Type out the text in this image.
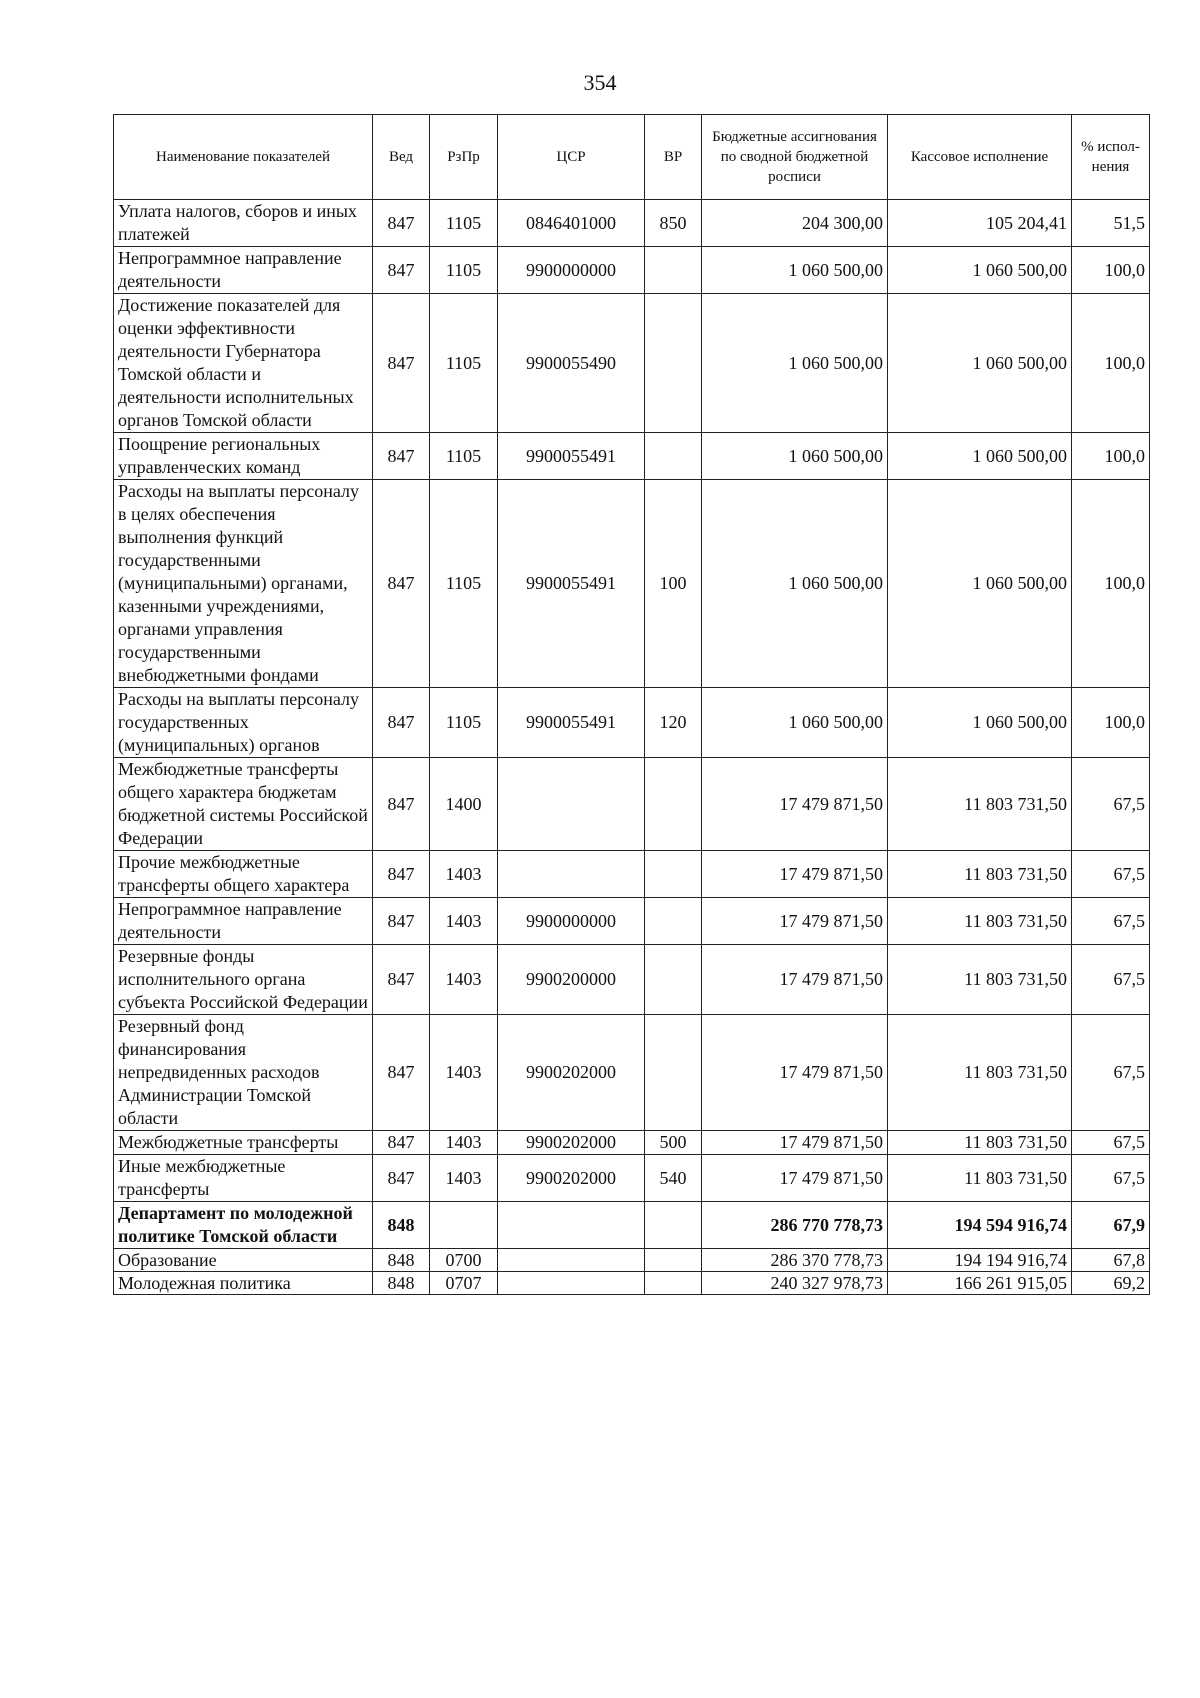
354
Наименование показателей	Вед	РзПр	ЦСР	ВР	Бюджетные ассигнования по сводной бюджетной росписи	Кассовое исполнение	% испол-нения
Уплата налогов, сборов и иных платежей	847	1105	0846401000	850	204 300,00	105 204,41	51,5
Непрограммное направление деятельности	847	1105	9900000000		1 060 500,00	1 060 500,00	100,0
Достижение показателей для оценки эффективности деятельности Губернатора Томской области и деятельности исполнительных органов Томской области	847	1105	9900055490		1 060 500,00	1 060 500,00	100,0
Поощрение региональных управленческих команд	847	1105	9900055491		1 060 500,00	1 060 500,00	100,0
Расходы на выплаты персоналу в целях обеспечения выполнения функций государственными (муниципальными) органами, казенными учреждениями, органами управления государственными внебюджетными фондами	847	1105	9900055491	100	1 060 500,00	1 060 500,00	100,0
Расходы на выплаты персоналу государственных (муниципальных) органов	847	1105	9900055491	120	1 060 500,00	1 060 500,00	100,0
Межбюджетные трансферты общего характера бюджетам бюджетной системы Российской Федерации	847	1400			17 479 871,50	11 803 731,50	67,5
Прочие межбюджетные трансферты общего характера	847	1403			17 479 871,50	11 803 731,50	67,5
Непрограммное направление деятельности	847	1403	9900000000		17 479 871,50	11 803 731,50	67,5
Резервные фонды исполнительного органа субъекта Российской Федерации	847	1403	9900200000		17 479 871,50	11 803 731,50	67,5
Резервный фонд финансирования непредвиденных расходов Администрации Томской области	847	1403	9900202000		17 479 871,50	11 803 731,50	67,5
Межбюджетные трансферты	847	1403	9900202000	500	17 479 871,50	11 803 731,50	67,5
Иные межбюджетные трансферты	847	1403	9900202000	540	17 479 871,50	11 803 731,50	67,5
Департамент по молодежной политике Томской области	848				286 770 778,73	194 594 916,74	67,9
Образование	848	0700			286 370 778,73	194 194 916,74	67,8
Молодежная политика	848	0707			240 327 978,73	166 261 915,05	69,2
